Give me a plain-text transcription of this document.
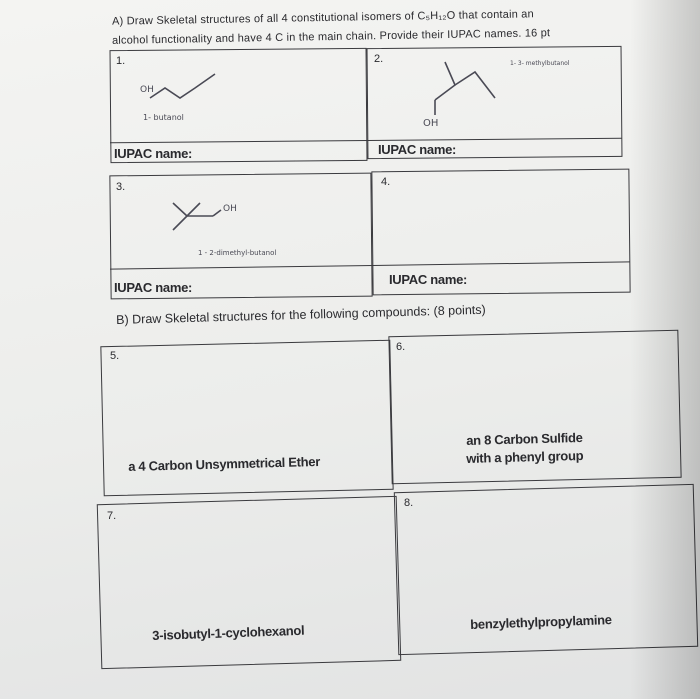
A) Draw Skeletal structures of all 4 constitutional isomers of C₅H₁₂O that contain an
alcohol functionality and have 4 C in the main chain. Provide their IUPAC names. 16 pt
1.	2.
OH
1- butanol
OH
1- 3- methylbutanol
IUPAC name:	IUPAC name:
3.	4.
OH
1 - 2-dimethyl-butanol
IUPAC name:
IUPAC name:
B) Draw Skeletal structures for the following compounds: (8 points)
5.
6.
a 4 Carbon Unsymmetrical Ether
an 8 Carbon Sulfide
with a phenyl group
7.
8.
3-isobutyl-1-cyclohexanol
benzylethylpropylamine
